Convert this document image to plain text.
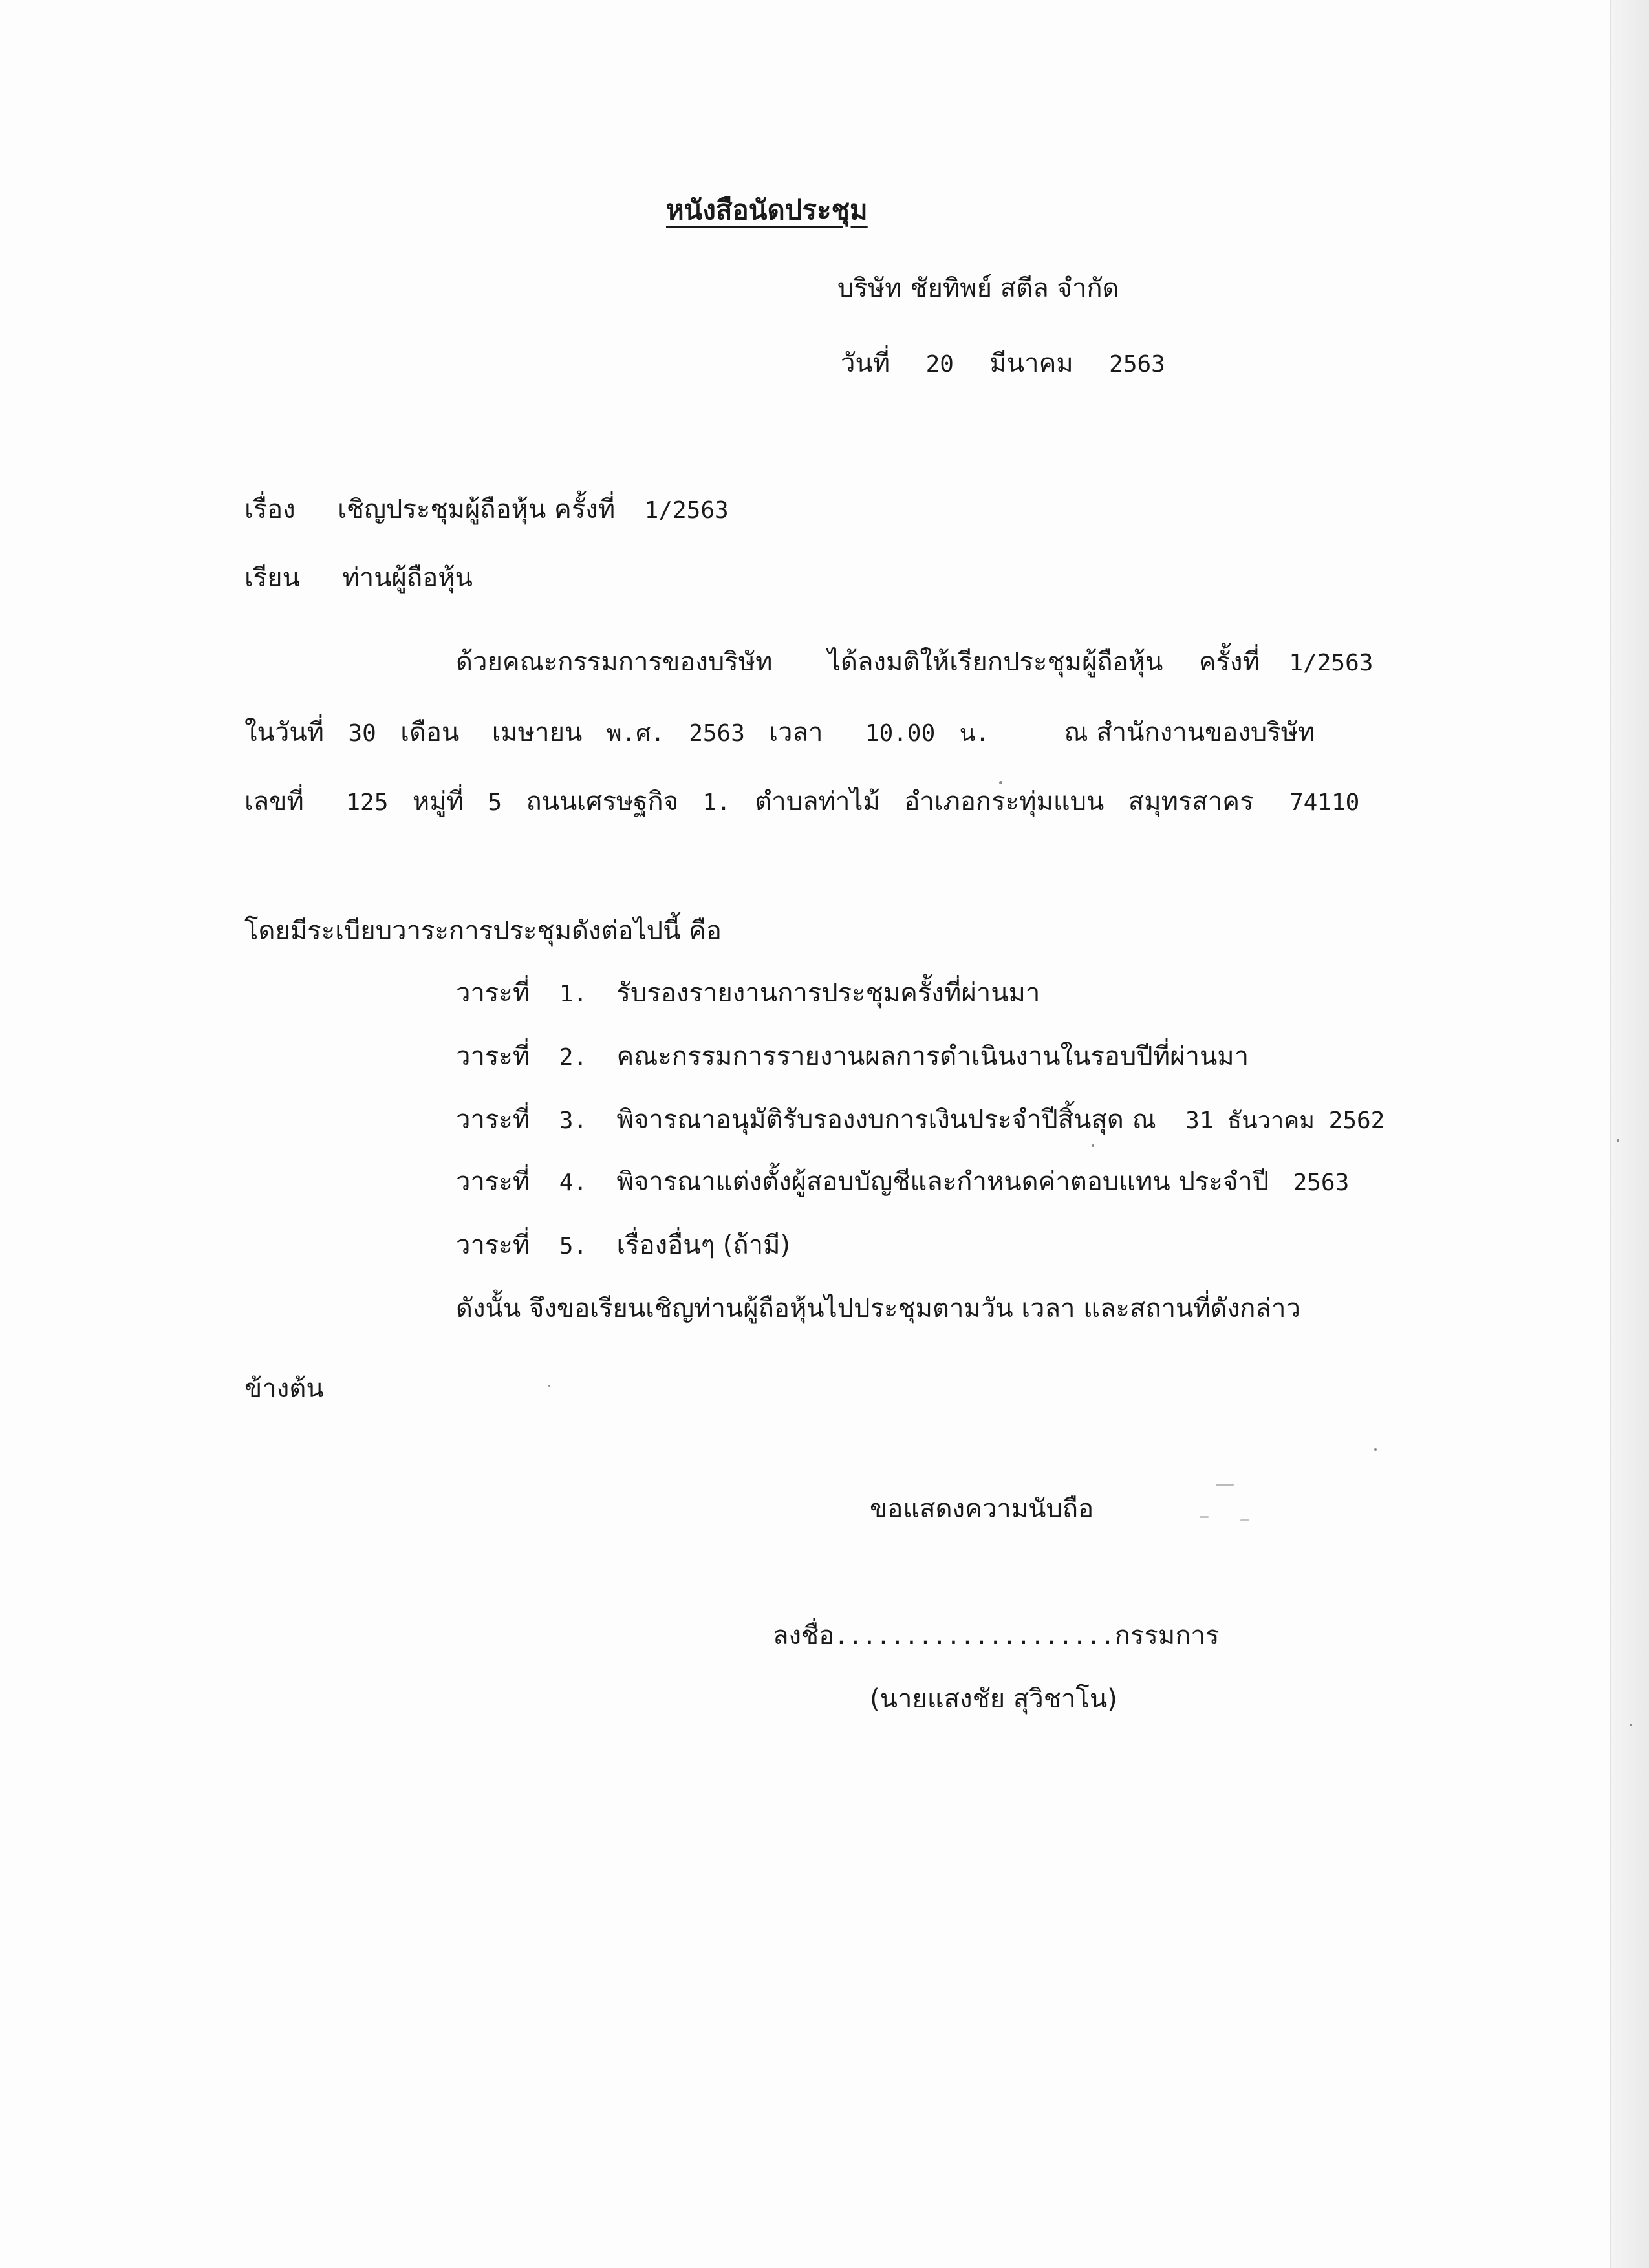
หนังสือนัดประชุม
บริษัท ชัยทิพย์ สตีล จำกัด
วันที่ 20 มีนาคม 2563
เรื่อง เชิญประชุมผู้ถือหุ้น ครั้งที่ 1/2563
เรียน ท่านผู้ถือหุ้น
ด้วยคณะกรรมการของบริษัท ได้ลงมติให้เรียกประชุมผู้ถือหุ้น ครั้งที่ 1/2563
ในวันที่ 30 เดือน เมษายน พ.ศ. 2563 เวลา 10.00 น.	ณ สำนักงานของบริษัท
เลขที่ 125 หมู่ที่ 5 ถนนเศรษฐกิจ 1. ตำบลท่าไม้ อำเภอกระทุ่มแบน สมุทรสาคร 74110
โดยมีระเบียบวาระการประชุมดังต่อไปนี้ คือ
วาระที่ 1. รับรองรายงานการประชุมครั้งที่ผ่านมา
วาระที่ 2. คณะกรรมการรายงานผลการดำเนินงานในรอบปีที่ผ่านมา
วาระที่ 3. พิจารณาอนุมัติรับรองงบการเงินประจำปีสิ้นสุด ณ 31 ธันวาคม 2562
วาระที่ 4. พิจารณาแต่งตั้งผู้สอบบัญชีและกำหนดค่าตอบแทน ประจำปี 2563
วาระที่ 5. เรื่องอื่นๆ (ถ้ามี)
ดังนั้น จึงขอเรียนเชิญท่านผู้ถือหุ้นไปประชุมตามวัน เวลา และสถานที่ดังกล่าว
ข้างต้น
ขอแสดงความนับถือ
ลงชื่อ....................กรรมการ
(นายแสงชัย สุวิชาโน)
